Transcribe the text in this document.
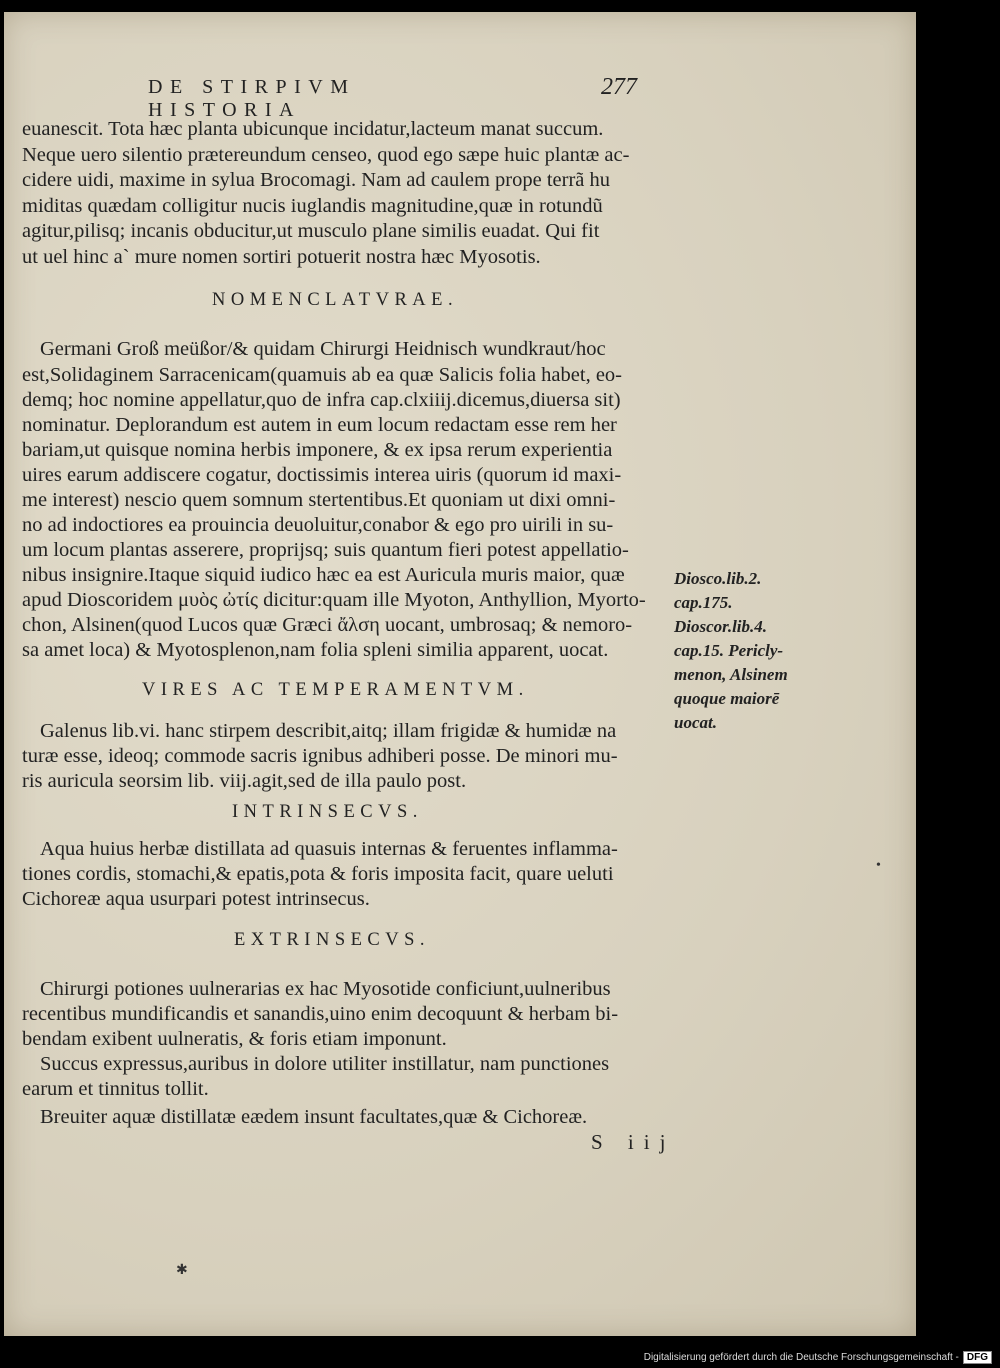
DE STIRPIVM HISTORIA
277
euanescit. Tota hæc planta ubicunque incidatur,lacteum manat succum.
Neque uero silentio prætereundum censeo, quod ego sæpe huic plantæ ac-
cidere uidi, maxime in sylua Brocomagi. Nam ad caulem prope terrã hu
miditas quædam colligitur nucis iuglandis magnitudine,quæ in rotundũ
agitur,pilisq; incanis obducitur,ut musculo plane similis euadat. Qui fit
ut uel hinc a` mure nomen sortiri potuerit nostra hæc Myosotis.
NOMENCLATVRAE.
Germani Groß meüßor/& quidam Chirurgi Heidnisch wundkraut/hoc
est,Solidaginem Sarracenicam(quamuis ab ea quæ Salicis folia habet, eo-
demq; hoc nomine appellatur,quo de infra cap.clxiiij.dicemus,diuersa sit)
nominatur. Deplorandum est autem in eum locum redactam esse rem her
bariam,ut quisque nomina herbis imponere, & ex ipsa rerum experientia
uires earum addiscere cogatur, doctissimis interea uiris (quorum id maxi-
me interest) nescio quem somnum stertentibus.Et quoniam ut dixi omni-
no ad indoctiores ea prouincia deuoluitur,conabor & ego pro uirili in su-
um locum plantas asserere, proprijsq; suis quantum fieri potest appellatio-
nibus insignire.Itaque siquid iudico hæc ea est Auricula muris maior, quæ
apud Dioscoridem μυὸς ὠτίς dicitur:quam ille Myoton, Anthyllion, Myorto-
chon, Alsinen(quod Lucos quæ Græci ἄλση uocant, umbrosaq; & nemoro-
sa amet loca) & Myotosplenon,nam folia spleni similia apparent, uocat.
Diosco.lib.2.
cap.175.
Dioscor.lib.4.
cap.15. Pericly-
menon, Alsinem
quoque maiorē
uocat.
VIRES AC TEMPERAMENTVM.
Galenus lib.vi. hanc stirpem describit,aitq; illam frigidæ & humidæ na
turæ esse, ideoq; commode sacris ignibus adhiberi posse. De minori mu-
ris auricula seorsim lib. viij.agit,sed de illa paulo post.
INTRINSECVS.
Aqua huius herbæ distillata ad quasuis internas & feruentes inflamma-
tiones cordis, stomachi,& epatis,pota & foris imposita facit, quare ueluti
Cichoreæ aqua usurpari potest intrinsecus.
EXTRINSECVS.
Chirurgi potiones uulnerarias ex hac Myosotide conficiunt,uulneribus
recentibus mundificandis et sanandis,uino enim decoquunt & herbam bi-
bendam exibent uulneratis, & foris etiam imponunt.
Succus expressus,auribus in dolore utiliter instillatur, nam punctiones
earum et tinnitus tollit.
Breuiter aquæ distillatæ eædem insunt facultates,quæ & Cichoreæ.
S iij
✱
•
Digitalisierung gefördert durch die Deutsche Forschungsgemeinschaft - DFG
